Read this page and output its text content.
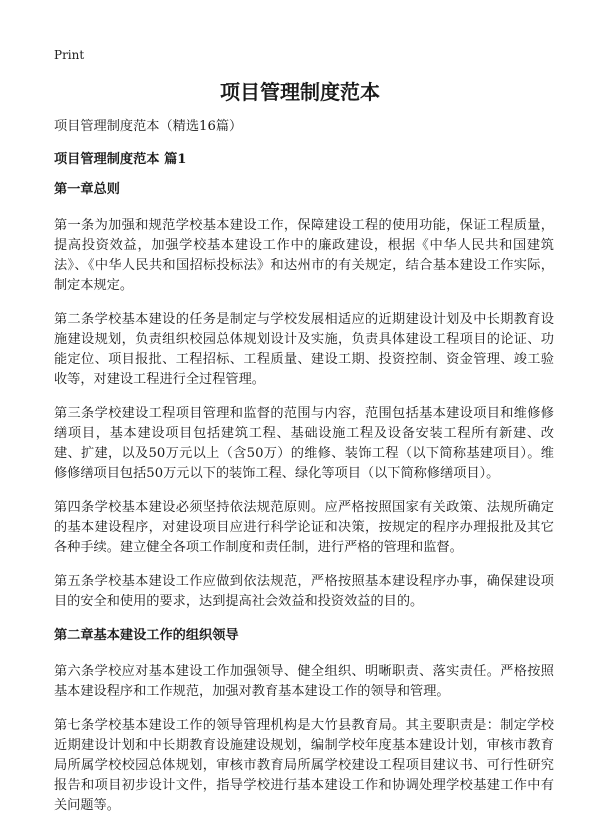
Print
项目管理制度范本

项目管理制度范本（精选16篇）

项目管理制度范本 篇1

第一章总则

第一条为加强和规范学校基本建设工作，保障建设工程的使用功能，保证工程质量，提高投资效益，加强学校基本建设工作中的廉政建设，根据《中华人民共和国建筑法》、《中华人民共和国招标投标法》和达州市的有关规定，结合基本建设工作实际，制定本规定。

第二条学校基本建设的任务是制定与学校发展相适应的近期建设计划及中长期教育设施建设规划，负责组织校园总体规划设计及实施，负责具体建设工程项目的论证、功能定位、项目报批、工程招标、工程质量、建设工期、投资控制、资金管理、竣工验收等，对建设工程进行全过程管理。

第三条学校建设工程项目管理和监督的范围与内容，范围包括基本建设项目和维修修缮项目，基本建设项目包括建筑工程、基础设施工程及设备安装工程所有新建、改建、扩建，以及50万元以上（含50万）的维修、装饰工程（以下简称基建项目）。维修修缮项目包括50万元以下的装饰工程、绿化等项目（以下简称修缮项目）。

第四条学校基本建设必须坚持依法规范原则。应严格按照国家有关政策、法规所确定的基本建设程序，对建设项目应进行科学论证和决策，按规定的程序办理报批及其它各种手续。建立健全各项工作制度和责任制，进行严格的管理和监督。

第五条学校基本建设工作应做到依法规范，严格按照基本建设程序办事，确保建设项目的安全和使用的要求，达到提高社会效益和投资效益的目的。

第二章基本建设工作的组织领导

第六条学校应对基本建设工作加强领导、健全组织、明晰职责、落实责任。严格按照基本建设程序和工作规范，加强对教育基本建设工作的领导和管理。

第七条学校基本建设工作的领导管理机构是大竹县教育局。其主要职责是：制定学校近期建设计划和中长期教育设施建设规划，编制学校年度基本建设计划，审核市教育局所属学校校园总体规划，审核市教育局所属学校建设工程项目建议书、可行性研究报告和项目初步设计文件，指导学校进行基本建设工作和协调处理学校基建工作中有关问题等。
